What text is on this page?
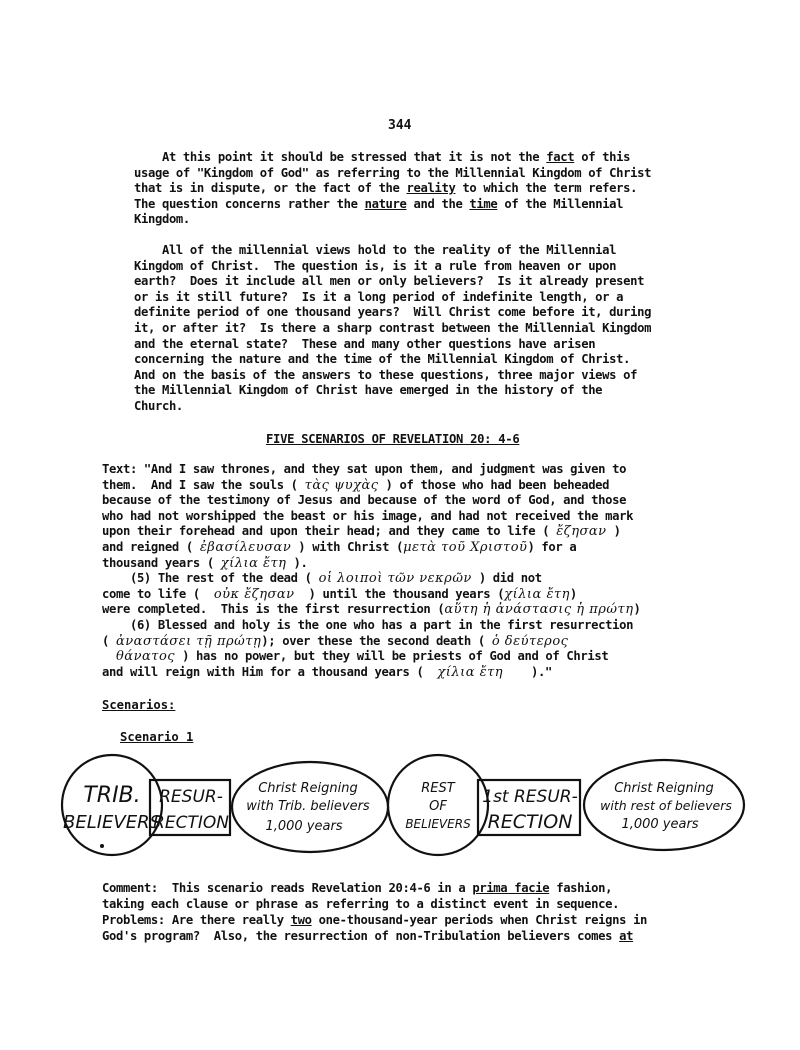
344
At this point it should be stressed that it is not the fact of this
usage of "Kingdom of God" as referring to the Millennial Kingdom of Christ
that is in dispute, or the fact of the reality to which the term refers.
The question concerns rather the nature and the time of the Millennial
Kingdom.
All of the millennial views hold to the reality of the Millennial
Kingdom of Christ.  The question is, is it a rule from heaven or upon
earth?  Does it include all men or only believers?  Is it already present
or is it still future?  Is it a long period of indefinite length, or a
definite period of one thousand years?  Will Christ come before it, during
it, or after it?  Is there a sharp contrast between the Millennial Kingdom
and the eternal state?  These and many other questions have arisen
concerning the nature and the time of the Millennial Kingdom of Christ.
And on the basis of the answers to these questions, three major views of
the Millennial Kingdom of Christ have emerged in the history of the
Church.
FIVE SCENARIOS OF REVELATION 20: 4-6
Text: "And I saw thrones, and they sat upon them, and judgment was given to
them.  And I saw the souls ( τὰς ψυχὰς ) of those who had been beheaded
because of the testimony of Jesus and because of the word of God, and those
who had not worshipped the beast or his image, and had not received the mark
upon their forehead and upon their head; and they came to life ( ἔζησαν )
and reigned ( ἐβασίλευσαν ) with Christ (μετὰ τοῦ Χριστοῦ) for a
thousand years ( χίλια ἔτη ).
(5) The rest of the dead ( οἱ λοιποὶ τῶν νεκρῶν ) did not
come to life (  οὐκ ἔζησαν  ) until the thousand years (χίλια ἔτη)
were completed.  This is the first resurrection (αὕτη ἡ ἀνάστασις ἡ πρώτη)
(6) Blessed and holy is the one who has a part in the first resurrection
( ἀναστάσει τῇ πρώτῃ); over these the second death ( ὁ δεύτερος
θάνατος ) has no power, but they will be priests of God and of Christ
and will reign with Him for a thousand years (  χίλια ἔτη    )."
Scenarios:
Scenario 1
TRIB.
BELIEVERS
RESUR-
RECTION
Christ Reigning
with Trib. believers
1,000 years
REST
OF
BELIEVERS
1st RESUR-
RECTION
Christ Reigning
with rest of believers
1,000 years
Comment:  This scenario reads Revelation 20:4-6 in a prima facie fashion,
taking each clause or phrase as referring to a distinct event in sequence.
Problems: Are there really two one-thousand-year periods when Christ reigns in
God's program?  Also, the resurrection of non-Tribulation believers comes at
